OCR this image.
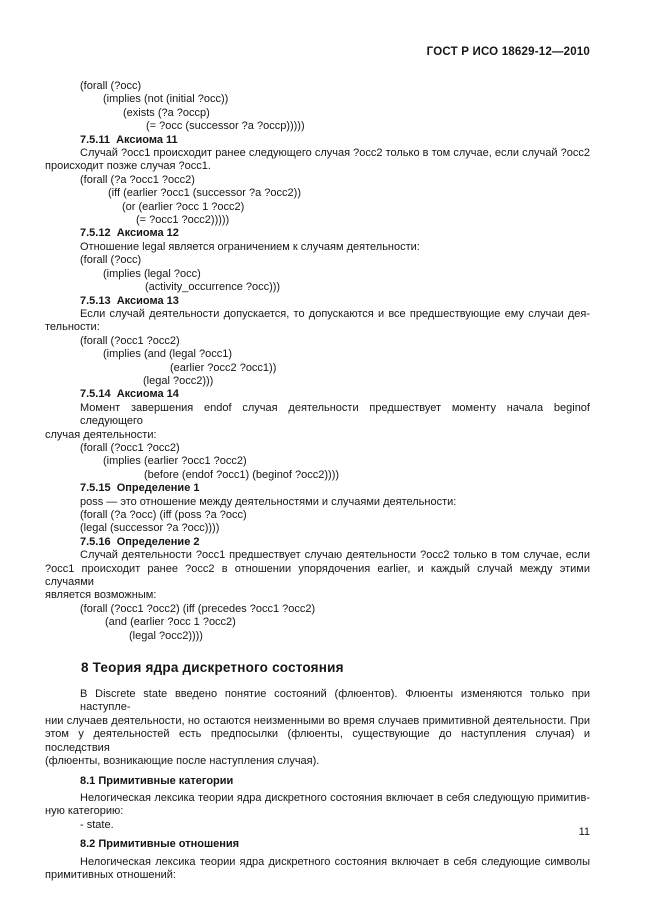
ГОСТ Р ИСО 18629-12—2010
(forall (?occ)
(implies (not (initial ?occ))
(exists (?a ?occp)
(= ?occ (successor ?a ?occp)))))
7.5.11  Аксиома 11
Случай ?occ1 происходит ранее следующего случая ?occ2 только в том случае, если случай ?occ2
происходит позже случая ?occ1.
(forall (?a ?occ1 ?occ2)
(iff (earlier ?occ1 (successor ?a ?occ2))
(or (earlier ?occ 1 ?occ2)
(= ?occ1 ?occ2)))))
7.5.12  Аксиома 12
Отношение legal является ограничением к случаям деятельности:
(forall (?occ)
(implies (legal ?occ)
(activity_occurrence ?occ)))
7.5.13  Аксиома 13
Если случай деятельности допускается, то допускаются и все предшествующие ему случаи дея-
тельности:
(forall (?occ1 ?occ2)
(implies (and (legal ?occ1)
(earlier ?occ2 ?occ1))
(legal ?occ2)))
7.5.14  Аксиома 14
Момент завершения endof случая деятельности предшествует моменту начала beginof следующего
случая деятельности:
(forall (?occ1 ?occ2)
(implies (earlier ?occ1 ?occ2)
(before (endof ?occ1) (beginof ?occ2))))
7.5.15  Определение 1
poss — это отношение между деятельностями и случаями деятельности:
(forall (?a ?occ) (iff (poss ?a ?occ)
(legal (successor ?a ?occ))))
7.5.16  Определение 2
Случай деятельности ?occ1 предшествует случаю деятельности ?occ2 только в том случае, если
?occ1 происходит ранее ?occ2 в отношении упорядочения earlier, и каждый случай между этими случаями
является возможным:
(forall (?occ1 ?occ2) (iff (precedes ?occ1 ?occ2)
(and (earlier ?occ 1 ?occ2)
(legal ?occ2))))
8 Теория ядра дискретного состояния
В Discrete state введено понятие состояний (флюентов). Флюенты изменяются только при наступле-
нии случаев деятельности, но остаются неизменными во время случаев примитивной деятельности. При
этом у деятельностей есть предпосылки (флюенты, существующие до наступления случая) и последствия
(флюенты, возникающие после наступления случая).
8.1 Примитивные категории
Нелогическая лексика теории ядра дискретного состояния включает в себя следующую примитив-
ную категорию:
- state.
8.2 Примитивные отношения
Нелогическая лексика теории ядра дискретного состояния включает в себя следующие символы
примитивных отношений:
11
